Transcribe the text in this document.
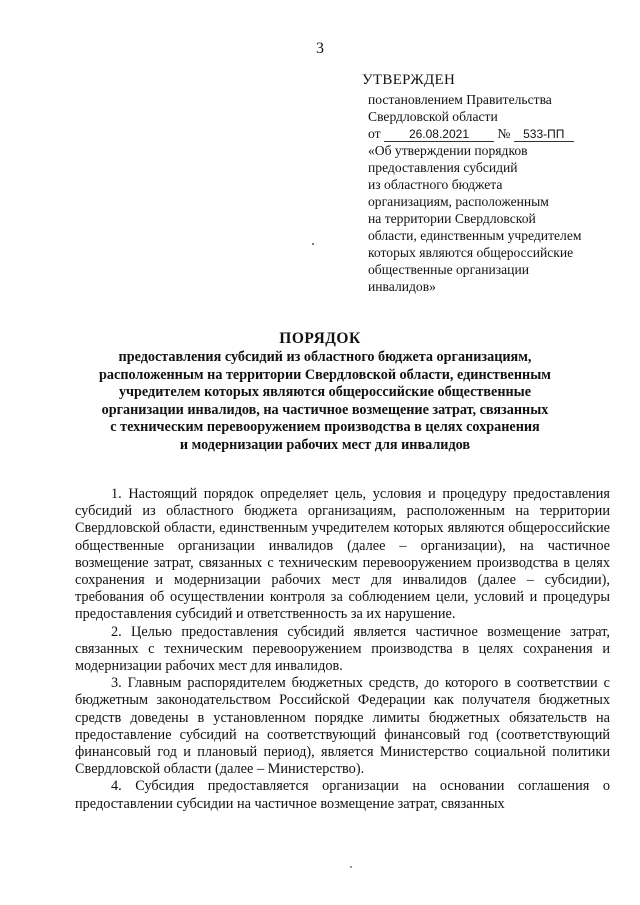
3
УТВЕРЖДЕН
постановлением Правительства
Свердловской области
от 26.08.2021 № 533-ПП
«Об утверждении порядков
предоставления субсидий
из областного бюджета
организациям, расположенным
на территории Свердловской
области, единственным учредителем
которых являются общероссийские
общественные организации
инвалидов»
ПОРЯДОК
предоставления субсидий из областного бюджета организациям,
расположенным на территории Свердловской области, единственным
учредителем которых являются общероссийские общественные
организации инвалидов, на частичное возмещение затрат, связанных
с техническим перевооружением производства в целях сохранения
и модернизации рабочих мест для инвалидов

1. Настоящий порядок определяет цель, условия и процедуру предоставления субсидий из областного бюджета организациям, расположенным на территории Свердловской области, единственным учредителем которых являются общероссийские общественные организации инвалидов (далее – организации), на частичное возмещение затрат, связанных с техническим перевооружением производства в целях сохранения и модернизации рабочих мест для инвалидов (далее – субсидии), требования об осуществлении контроля за соблюдением цели, условий и процедуры предоставления субсидий и ответственность за их нарушение.

2. Целью предоставления субсидий является частичное возмещение затрат, связанных с техническим перевооружением производства в целях сохранения и модернизации рабочих мест для инвалидов.

3. Главным распорядителем бюджетных средств, до которого в соответствии с бюджетным законодательством Российской Федерации как получателя бюджетных средств доведены в установленном порядке лимиты бюджетных обязательств на предоставление субсидий на соответствующий финансовый год (соответствующий финансовый год и плановый период), является Министерство социальной политики Свердловской области (далее – Министерство).

4. Субсидия предоставляется организации на основании соглашения о предоставлении субсидии на частичное возмещение затрат, связанных
